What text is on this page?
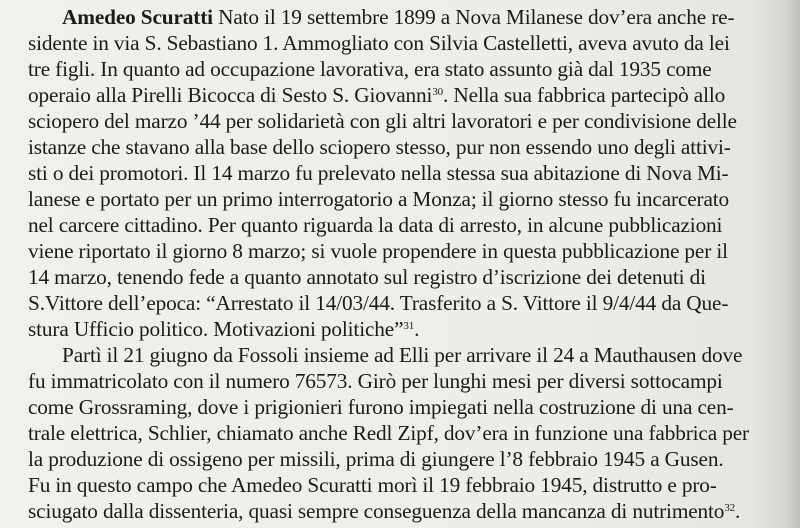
Amedeo Scuratti Nato il 19 settembre 1899 a Nova Milanese dov’era anche re-
sidente in via S. Sebastiano 1. Ammogliato con Silvia Castelletti, aveva avuto da lei
tre figli. In quanto ad occupazione lavorativa, era stato assunto già dal 1935 come
operaio alla Pirelli Bicocca di Sesto S. Giovanni$^{30}$. Nella sua fabbrica partecipò allo
sciopero del marzo ’44 per solidarietà con gli altri lavoratori e per condivisione delle
istanze che stavano alla base dello sciopero stesso, pur non essendo uno degli attivi-
sti o dei promotori. Il 14 marzo fu prelevato nella stessa sua abitazione di Nova Mi-
lanese e portato per un primo interrogatorio a Monza; il giorno stesso fu incarcerato
nel carcere cittadino. Per quanto riguarda la data di arresto, in alcune pubblicazioni
viene riportato il giorno 8 marzo; si vuole propendere in questa pubblicazione per il
14 marzo, tenendo fede a quanto annotato sul registro d’iscrizione dei detenuti di
S.Vittore dell’epoca: “Arrestato il 14/03/44. Trasferito a S. Vittore il 9/4/44 da Que-
stura Ufficio politico. Motivazioni politiche”$^{31}$.
Partì il 21 giugno da Fossoli insieme ad Elli per arrivare il 24 a Mauthausen dove
fu immatricolato con il numero 76573. Girò per lunghi mesi per diversi sottocampi
come Grossraming, dove i prigionieri furono impiegati nella costruzione di una cen-
trale elettrica, Schlier, chiamato anche Redl Zipf, dov’era in funzione una fabbrica per
la produzione di ossigeno per missili, prima di giungere l’8 febbraio 1945 a Gusen.
Fu in questo campo che Amedeo Scuratti morì il 19 febbraio 1945, distrutto e pro-
sciugato dalla dissenteria, quasi sempre conseguenza della mancanza di nutrimento$^{32}$.
